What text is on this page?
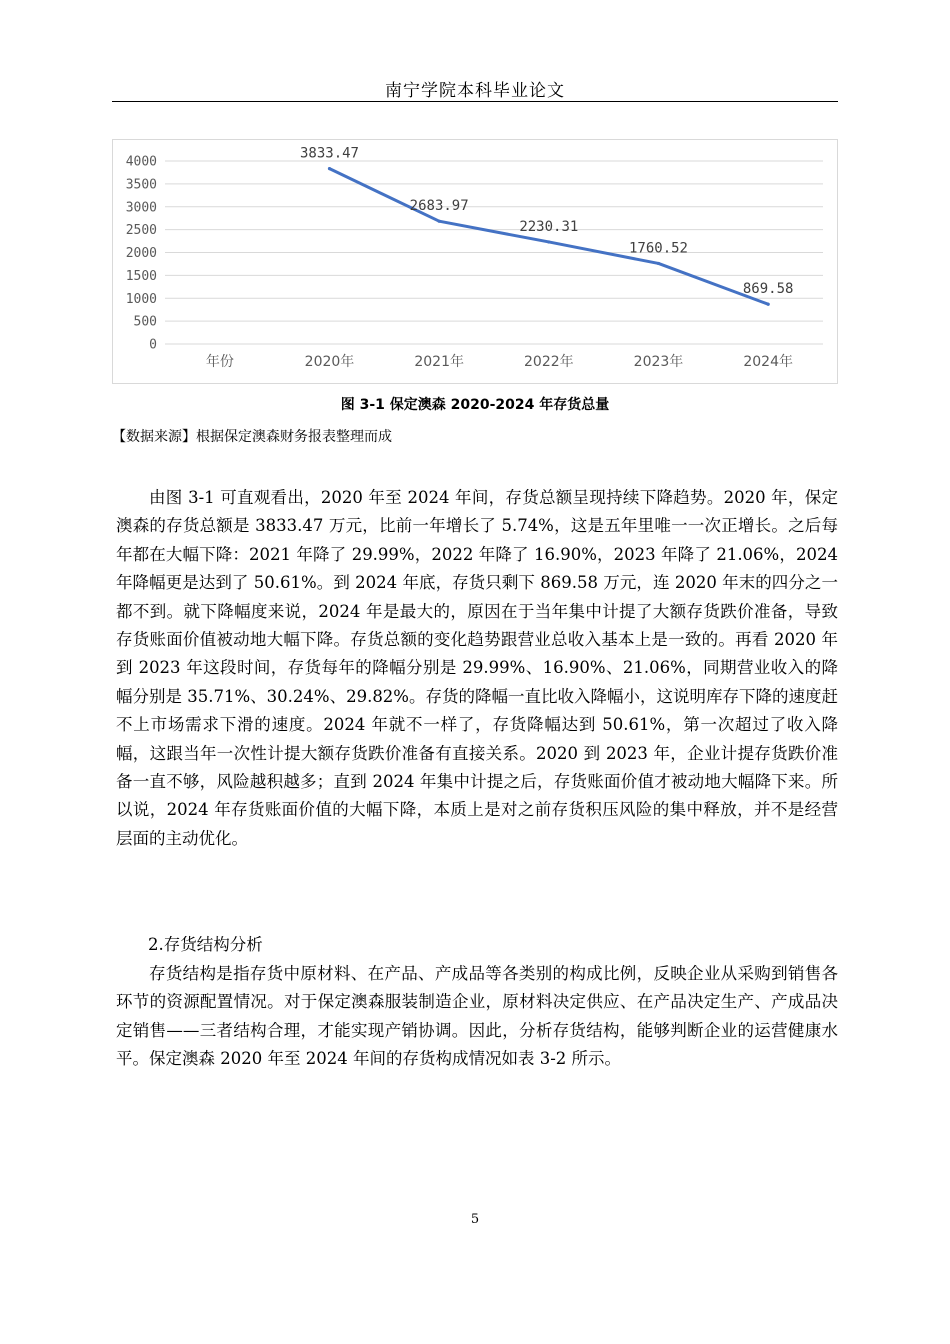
南宁学院本科毕业论文
0
500
1000
1500
2000
2500
3000
3500
4000
年份	2020年	2021年	2022年	2023年	2024年
3833.47
2683.97
2230.31
1760.52
869.58
图 3-1 保定澳森 2020-2024 年存货总量
【数据来源】根据保定澳森财务报表整理而成

由图 3-1 可直观看出，2020 年至 2024 年间，存货总额呈现持续下降趋势。2020 年，保定澳森的存货总额是 3833.47 万元，比前一年增长了 5.74%，这是五年里唯一一次正增长。之后每年都在大幅下降：2021 年降了 29.99%，2022 年降了 16.90%，2023 年降了 21.06%，2024 年降幅更是达到了 50.61%。到 2024 年底，存货只剩下 869.58 万元，连 2020 年末的四分之一都不到。就下降幅度来说，2024 年是最大的，原因在于当年集中计提了大额存货跌价准备，导致存货账面价值被动地大幅下降。存货总额的变化趋势跟营业总收入基本上是一致的。再看 2020 年到 2023 年这段时间，存货每年的降幅分别是 29.99%、16.90%、21.06%，同期营业收入的降幅分别是 35.71%、30.24%、29.82%。存货的降幅一直比收入降幅小，这说明库存下降的速度赶不上市场需求下滑的速度。2024 年就不一样了，存货降幅达到 50.61%，第一次超过了收入降幅，这跟当年一次性计提大额存货跌价准备有直接关系。2020 到 2023 年，企业计提存货跌价准备一直不够，风险越积越多；直到 2024 年集中计提之后，存货账面价值才被动地大幅降下来。所以说，2024 年存货账面价值的大幅下降，本质上是对之前存货积压风险的集中释放，并不是经营层面的主动优化。

2.存货结构分析

存货结构是指存货中原材料、在产品、产成品等各类别的构成比例，反映企业从采购到销售各环节的资源配置情况。对于保定澳森服装制造企业，原材料决定供应、在产品决定生产、产成品决定销售——三者结构合理，才能实现产销协调。因此，分析存货结构，能够判断企业的运营健康水平。保定澳森 2020 年至 2024 年间的存货构成情况如表 3-2 所示。

5
